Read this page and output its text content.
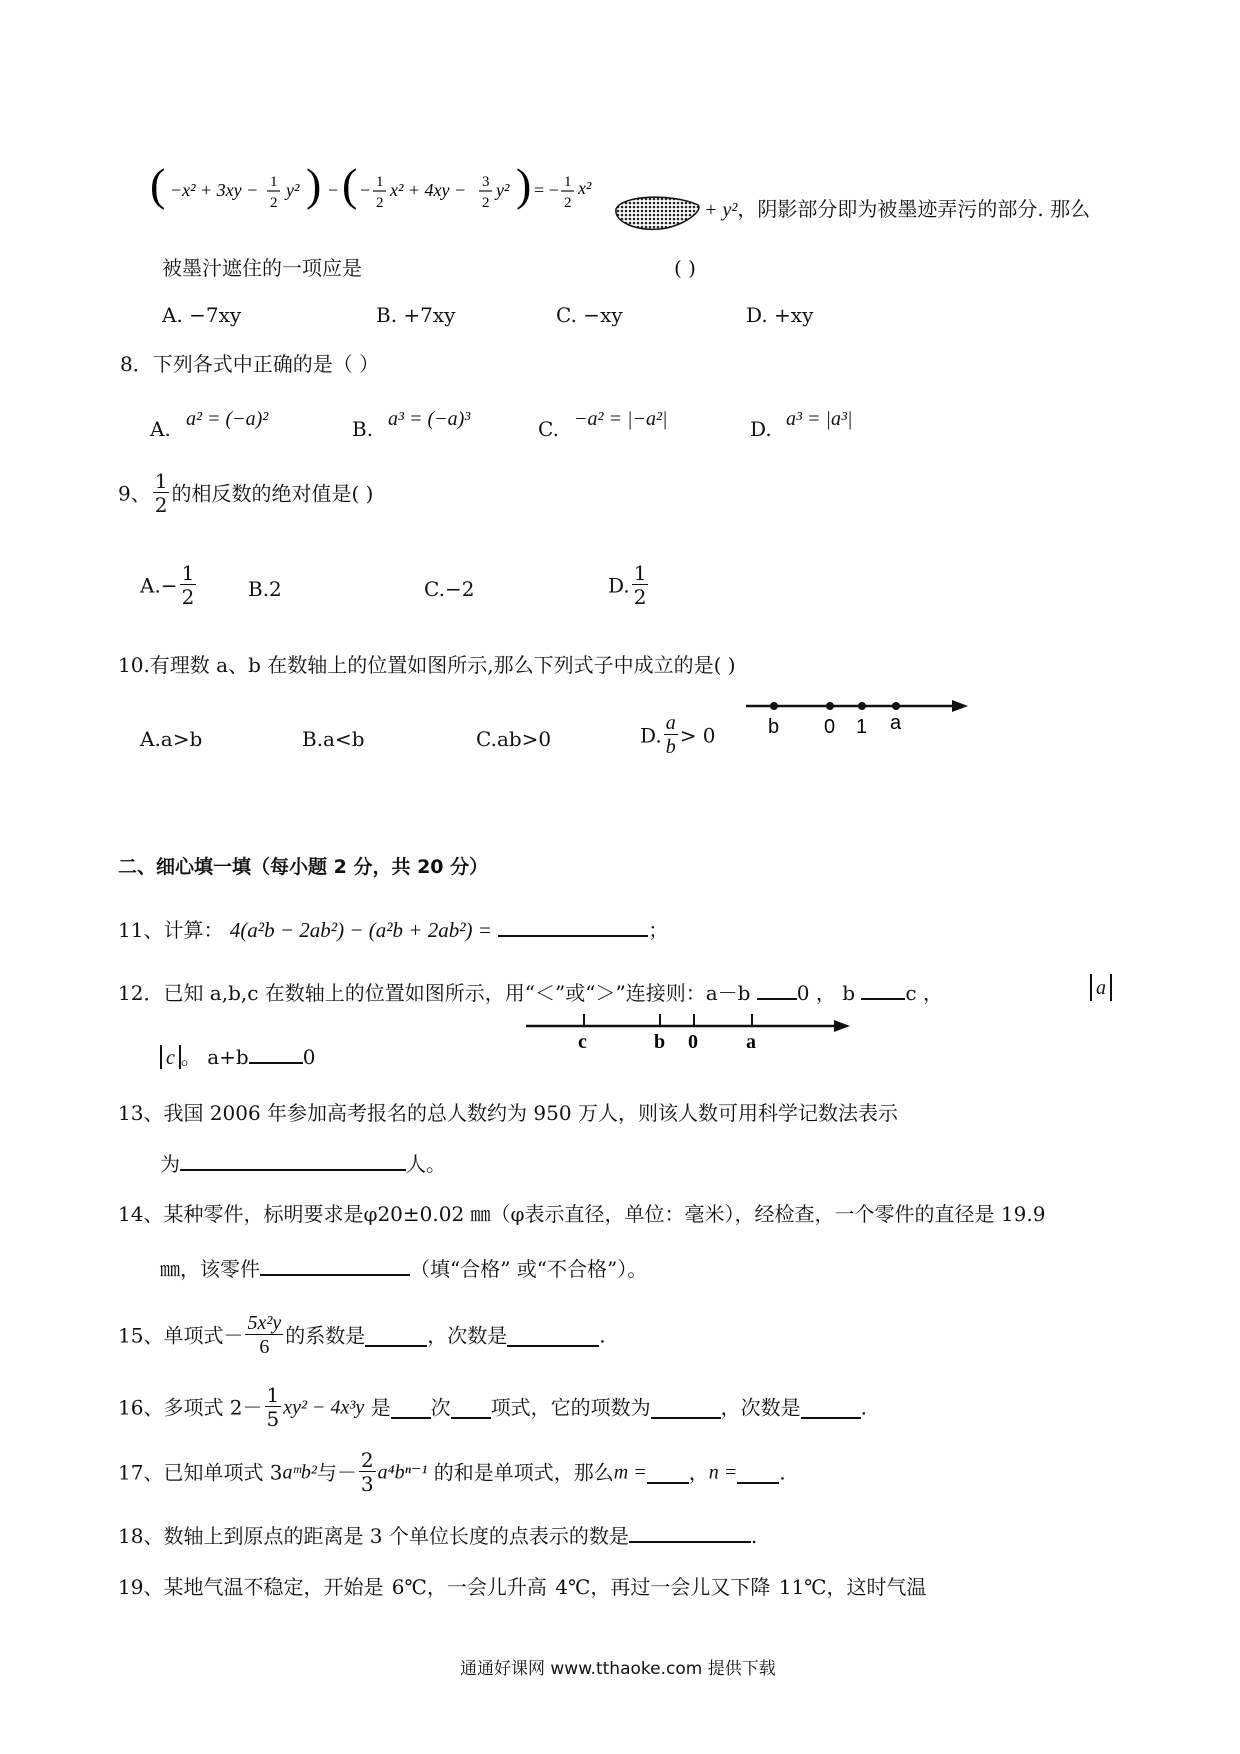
( −x² + 3xy − 1
2
y² ) − ( − 1
2
x² + 4xy − 3
2
y² ) = − 1
2
x²
+ y²，阴影部分即为被墨迹弄污的部分. 那么
被墨汁遮住的一项应是	( )
A. −7xy	B. +7xy	C. −xy	D. +xy
8．下列各式中正确的是（ ）
A. a² = (−a)²	B. a³ = (−a)³	C. −a² = |−a²|	D. a³ = |a³|
9、 $\frac{1}{2}$ 的相反数的绝对值是( )
$A.- \frac{1}{2}$	B.2	C.−2	D. $\frac{1}{2}$
10.有理数 a、b 在数轴上的位置如图所示,那么下列式子中成立的是( )
A.a>b	B.a<b	C.ab>0	D. $\frac{a}{b} > 0$	b 0 1 a
二、细心填一填（每小题 2 分，共 20 分）
11、计算： 4(a²b − 2ab²) − (a²b + 2ab²) =	；
12．已知 a,b,c 在数轴上的位置如图所示，用“＜”或“＞”连接则：a－b 0 ， b	c ，	a
c 。 a+b	0
c	b 0 a
13、我国 2006 年参加高考报名的总人数约为 950 万人，则该人数可用科学记数法表示
为	人。
14、某种零件，标明要求是φ20±0.02 ㎜（φ表示直径，单位：毫米），经检查，一个零件的直径是 19.9
㎜，该零件	（填“合格” 或“不合格”）。
15、单项式－ $\frac{\text{5x²y}}{6}$ 的系数是	，次数是	.
16、多项式 $2- \frac{1}{5} xy^2 - 4x^3y$ 是 次 项式，它的项数为	，次数是	.
17、已知单项式 3aᵐb²与－ $\frac{2}{3} a^4b^{n-1}$ 的和是单项式，那么m = ，n = .
18、数轴上到原点的距离是 3 个单位长度的点表示的数是	.
19、某地气温不稳定，开始是 6℃，一会儿升高 4℃，再过一会儿又下降 11℃，这时气温
通通好课网 www.tthaoke.com 提供下载
